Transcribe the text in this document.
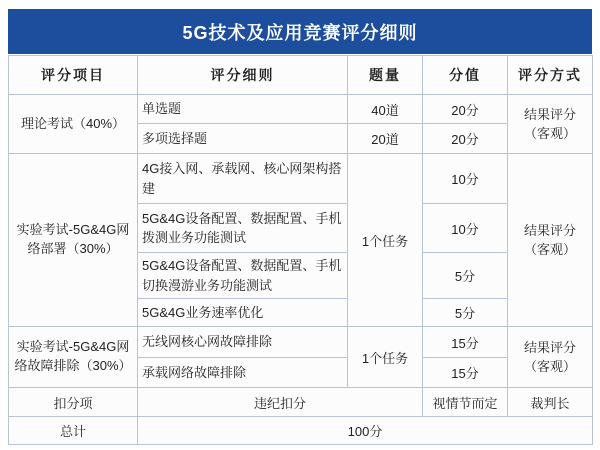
5G技术及应用竞赛评分细则
评分项目	评分细则	题量	分值	评分方式
理论考试（40%）	单选题	40道	20分	结果评分
（客观）

	多项选择题	20道	20分	
实验考试-5G&4G网络部署（30%）	4G接入网、承载网、核心网架构搭建	1个任务	10分	结果评分
（客观）

	5G&4G设备配置、数据配置、手机拨测业务功能测试		10分	
	5G&4G设备配置、数据配置、手机切换漫游业务功能测试		5分	
	5G&4G业务速率优化		5分	
实验考试-5G&4G网络故障排除（30%）	无线网核心网故障排除	1个任务	15分	结果评分
（客观）

	承载网络故障排除		15分	
扣分项	违纪扣分		视情节而定	裁判长
总计	100分			
